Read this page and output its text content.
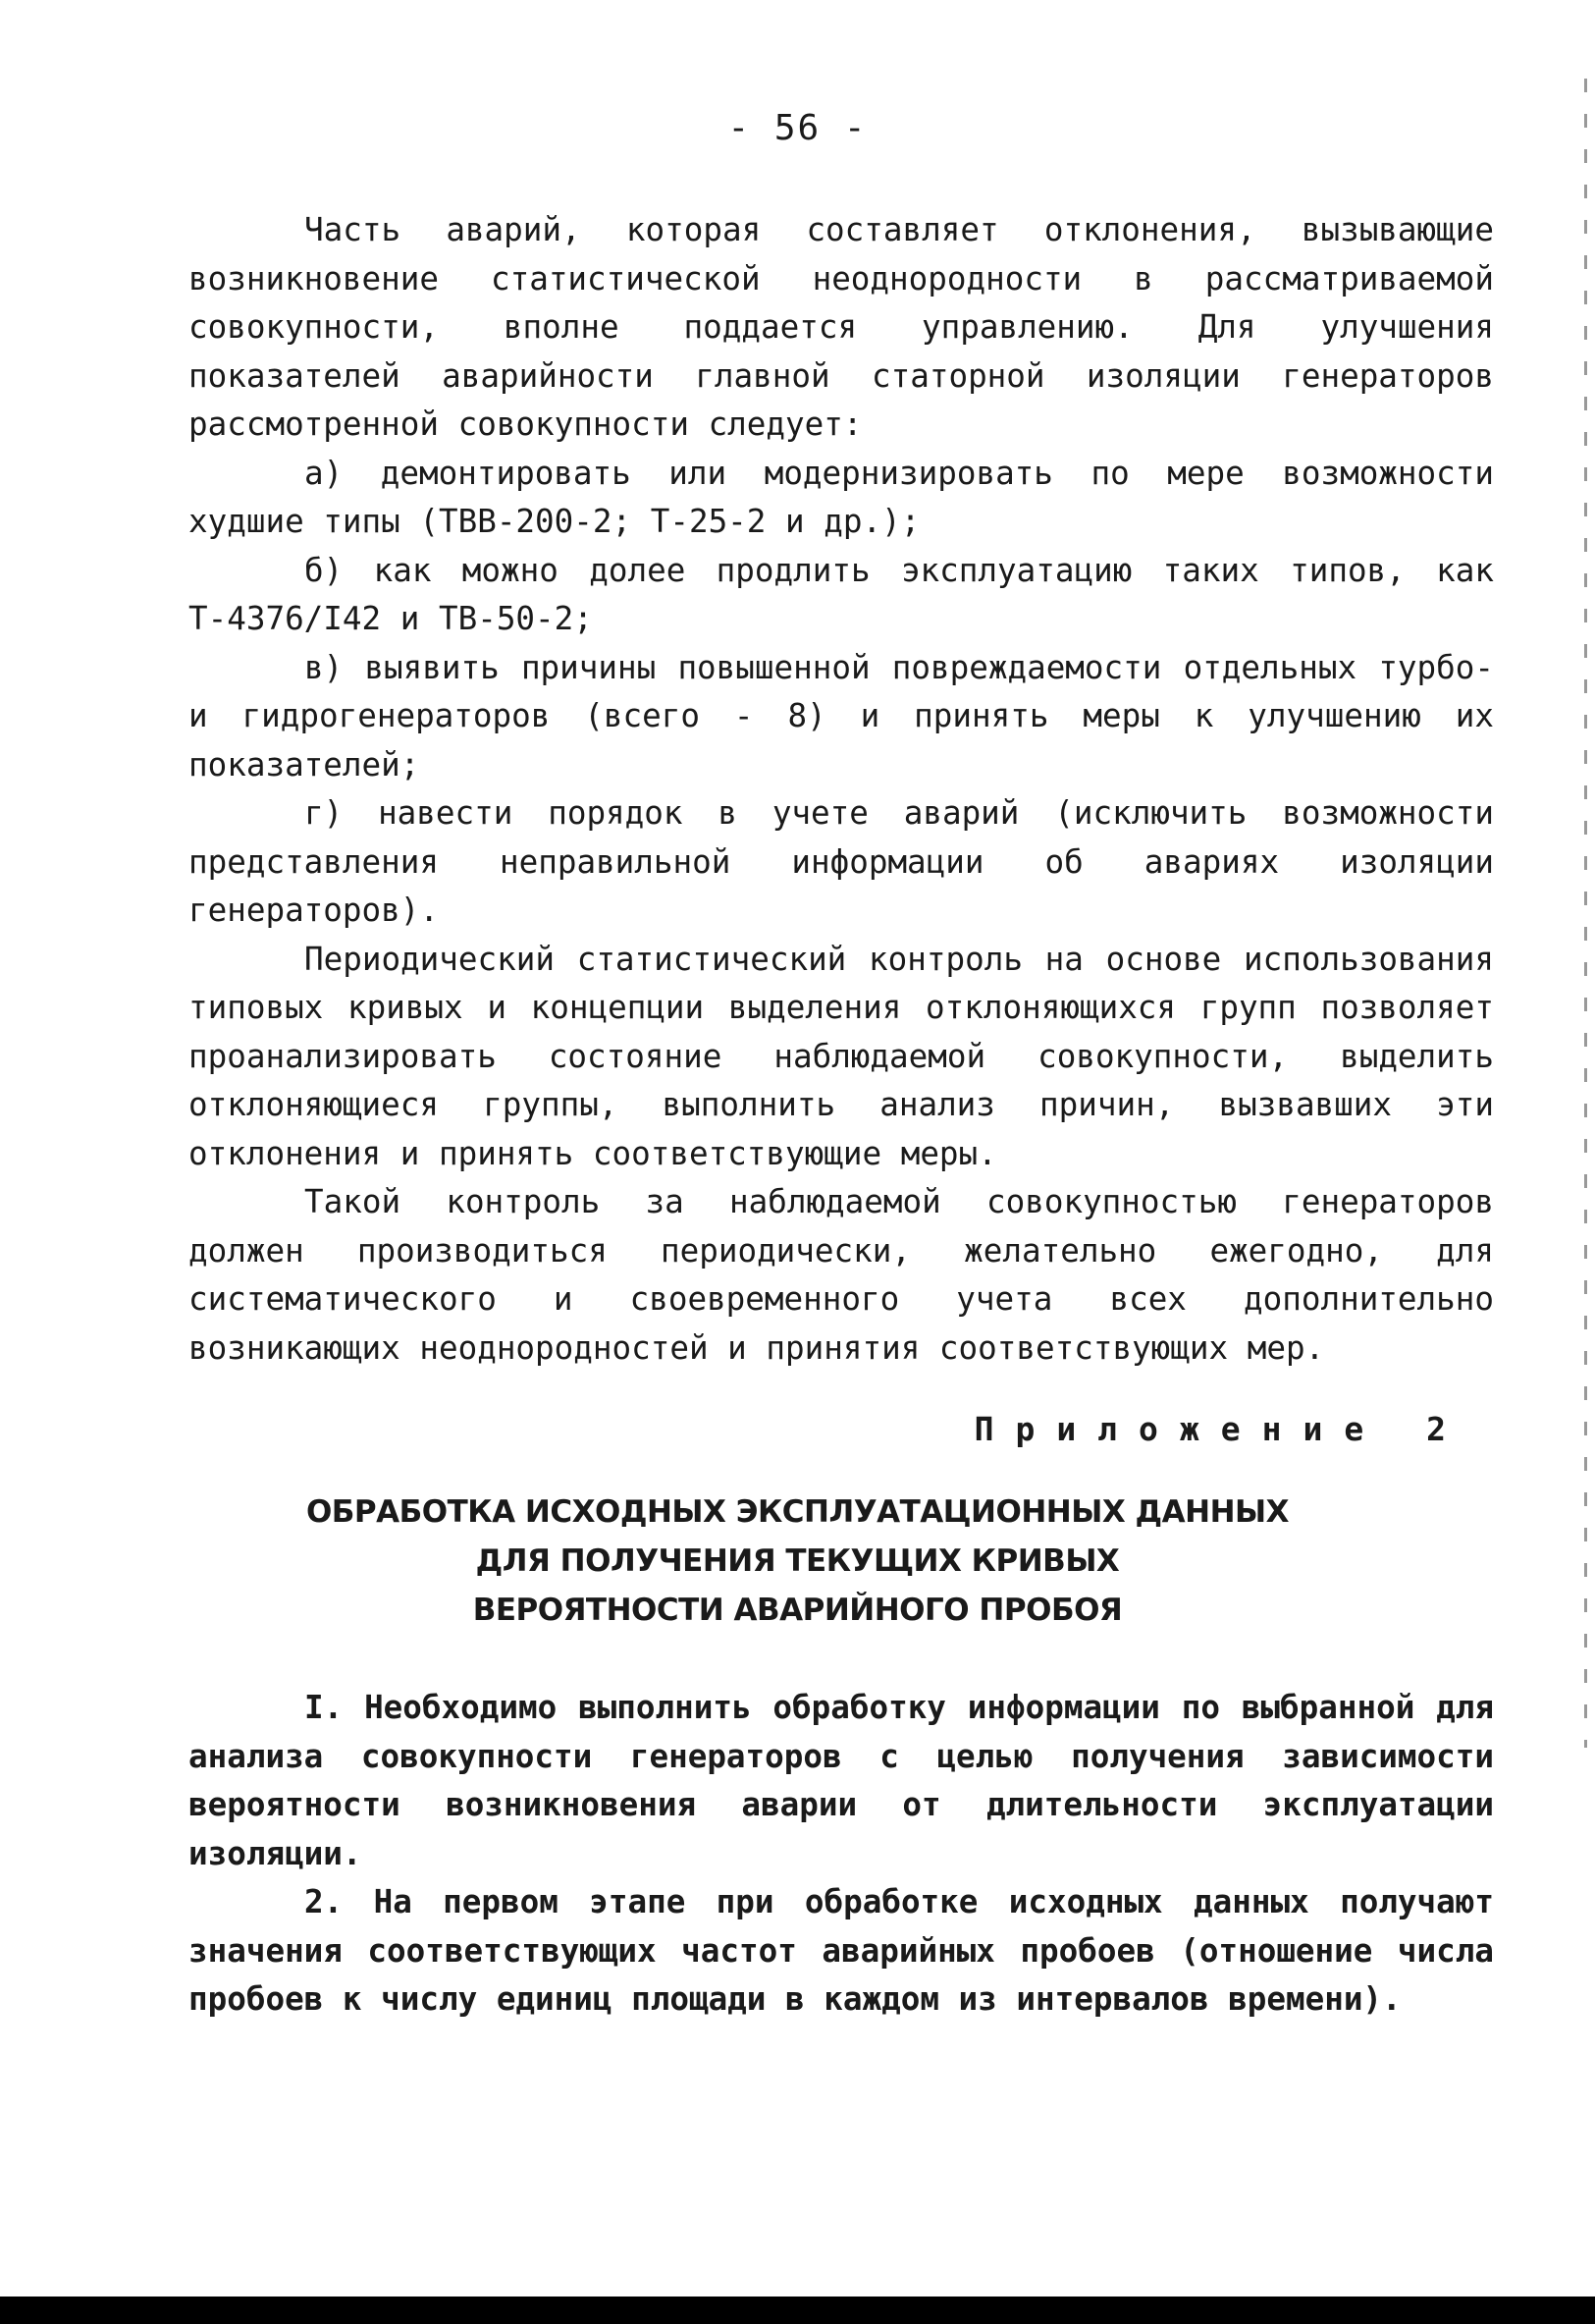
- 56 -

Часть аварий, которая составляет отклонения, вызывающие возникновение статистической неоднородности в рассматриваемой совокупности, вполне поддается управлению. Для улучшения показателей аварийности главной статорной изоляции генераторов рассмотренной совокупности следует:

а) демонтировать или модернизировать по мере возможности худшие типы (ТВВ-200-2; Т-25-2 и др.);

б) как можно долее продлить эксплуатацию таких типов, как Т-4376/I42 и ТВ-50-2;

в) выявить причины повышенной повреждаемости отдельных турбо- и гидрогенераторов (всего - 8) и принять меры к улучшению их показателей;

г) навести порядок в учете аварий (исключить возможности представления неправильной информации об авариях изоляции генераторов).

Периодический статистический контроль на основе использования типовых кривых и концепции выделения отклоняющихся групп позволяет проанализировать состояние наблюдаемой совокупности, выделить отклоняющиеся группы, выполнить анализ причин, вызвавших эти отклонения и принять соответствующие меры.

Такой контроль за наблюдаемой совокупностью генераторов должен производиться периодически, желательно ежегодно, для систематического и своевременного учета всех дополнительно возникающих неоднородностей и принятия соответствующих мер.

Приложение 2
ОБРАБОТКА ИСХОДНЫХ ЭКСПЛУАТАЦИОННЫХ ДАННЫХ
ДЛЯ ПОЛУЧЕНИЯ ТЕКУЩИХ КРИВЫХ
ВЕРОЯТНОСТИ АВАРИЙНОГО ПРОБОЯ

I. Необходимо выполнить обработку информации по выбранной для анализа совокупности генераторов с целью получения зависимости вероятности возникновения аварии от длительности эксплуатации изоляции.

2. На первом этапе при обработке исходных данных получают значения соответствующих частот аварийных пробоев (отношение числа пробоев к числу единиц площади в каждом из интервалов времени).
